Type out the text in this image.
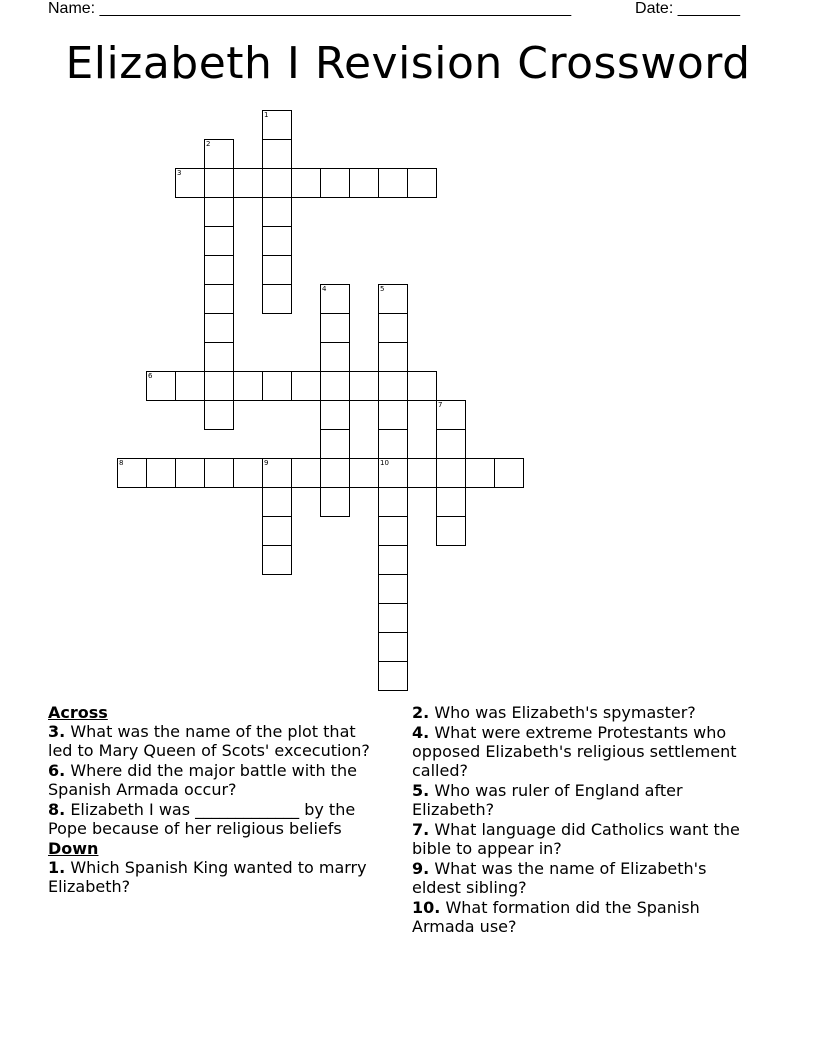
Name: _____________________________________________________	Date: _______
Elizabeth I Revision Crossword
3
6
8	9	10
1
2
4	5
7
Across
3. What was the name of the plot that led to Mary Queen of Scots' excecution?
6. Where did the major battle with the Spanish Armada occur?
8. Elizabeth I was _____________ by the Pope because of her religious beliefs
Down
1. Which Spanish King wanted to marry Elizabeth?
2. Who was Elizabeth's spymaster?
4. What were extreme Protestants who opposed Elizabeth's religious settlement called?
5. Who was ruler of England after Elizabeth?
7. What language did Catholics want the bible to appear in?
9. What was the name of Elizabeth's eldest sibling?
10. What formation did the Spanish Armada use?
